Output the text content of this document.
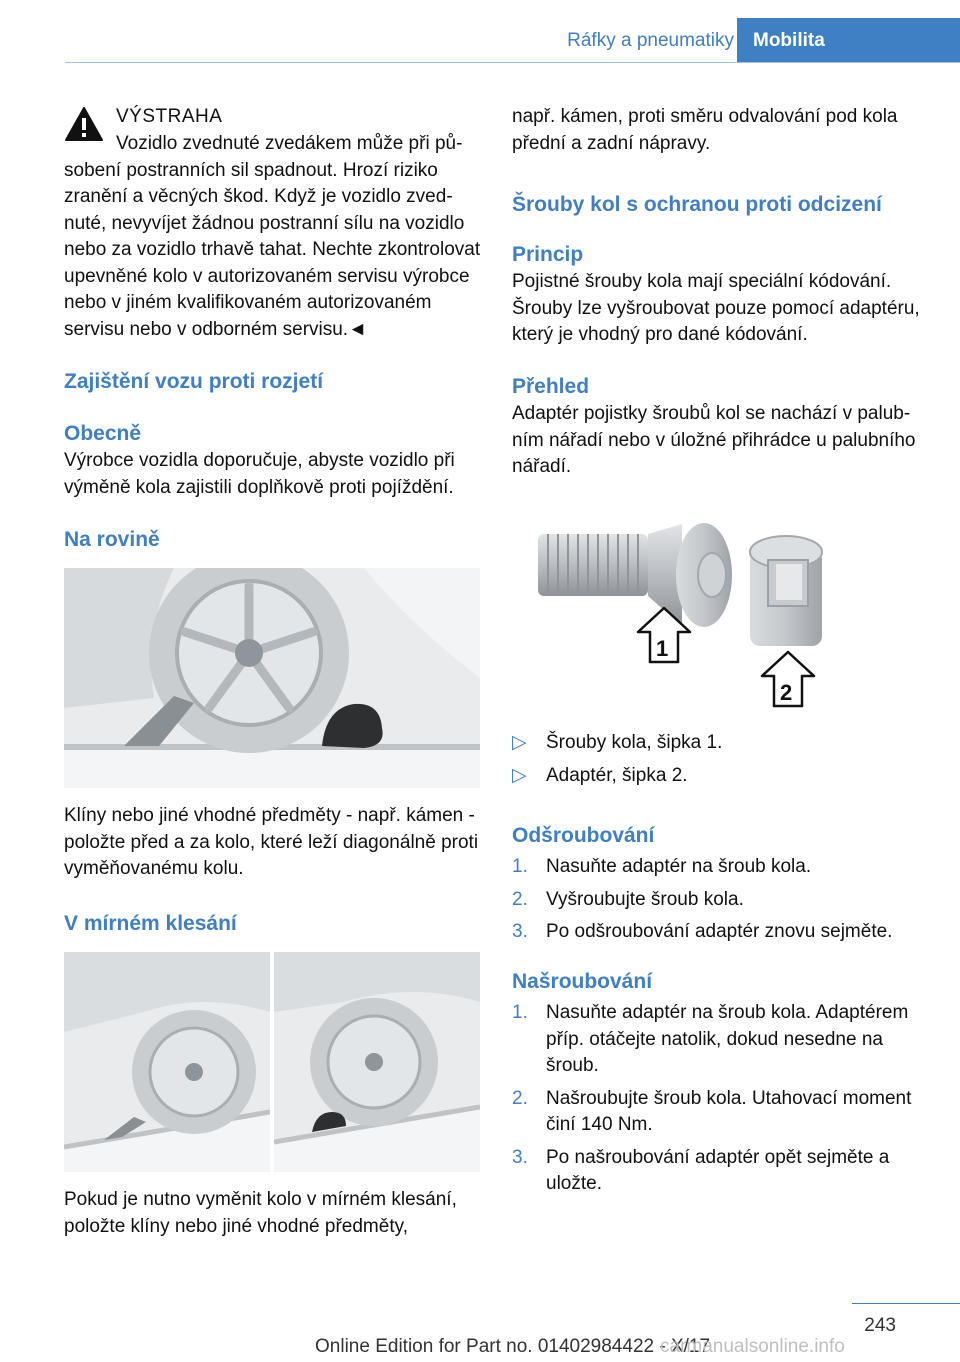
Mobilita
Ráfky a pneumatiky

VÝSTRAHA

Vozidlo zvednuté zvedákem může při působení postranních sil spadnout. Hrozí riziko zranění a věcných škod. Když je vozidlo zvednuté, nevyvíjet žádnou postranní sílu na vozidlo nebo za vozidlo trhavě tahat. Nechte zkontrolovat upevněné kolo v autorizovaném servisu výrobce nebo v jiném kvalifikovaném autorizovaném servisu nebo v odborném servisu.◄

Zajištění vozu proti rozjetí
Obecně

Výrobce vozidla doporučuje, abyste vozidlo při výměně kola zajistili doplňkově proti pojíždění.

Na rovině

Klíny nebo jiné vhodné předměty - např. kámen - položte před a za kolo, které leží diagonálně proti vyměňovanému kolu.

V mírném klesání

Pokud je nutno vyměnit kolo v mírném klesání, položte klíny nebo jiné vhodné předměty,

např. kámen, proti směru odvalování pod kola přední a zadní nápravy.

Šrouby kol s ochranou proti odcizení
Princip

Pojistné šrouby kola mají speciální kódování. Šrouby lze vyšroubovat pouze pomocí adaptéru, který je vhodný pro dané kódování.

Přehled

Adaptér pojistky šroubů kol se nachází v palubním nářadí nebo v úložné přihrádce u palubního nářadí.

1
2
▷ Šrouby kola, šipka 1.
▷ Adaptér, šipka 2.
Odšroubování
1. Nasuňte adaptér na šroub kola.
2. Vyšroubujte šroub kola.
3. Po odšroubování adaptér znovu sejměte.
Našroubování
1. Nasuňte adaptér na šroub kola. Adaptérem příp. otáčejte natolik, dokud nesedne na šroub.
2. Našroubujte šroub kola. Utahovací moment činí 140 Nm.
3. Po našroubování adaptér opět sejměte a uložte.
243
Online Edition for Part no. 01402984422 - X/17
carmanualsonline.info
